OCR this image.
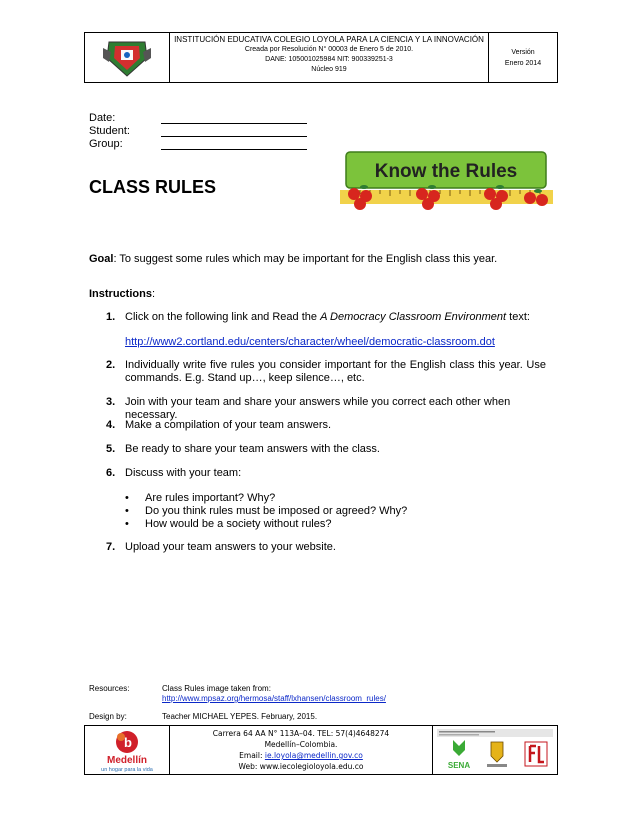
INSTITUCIÓN EDUCATIVA COLEGIO LOYOLA PARA LA CIENCIA Y LA INNOVACIÓN
Creada por Resolución N° 00003 de Enero 5 de 2010.
DANE: 105001025984 NIT: 900339251-3
Núcleo 919
Versión
Enero 2014
Date:
Student:
Group:
Know the Rules
CLASS RULES
Goal: To suggest some rules which may be important for the English class this year.
Instructions:
1. Click on the following link and Read the A Democracy Classroom Environment text:
http://www2.cortland.edu/centers/character/wheel/democratic-classroom.dot
2. Individually write five rules you consider important for the English class this year. Use commands. E.g. Stand up…, keep silence…, etc.
3. Join with your team and share your answers while you correct each other when necessary.
4. Make a compilation of your team answers.
5. Be ready to share your team answers with the class.
6. Discuss with your team:
• Are rules important? Why?
• Do you think rules must be imposed or agreed? Why?
• How would be a society without rules?
7. Upload your team answers to your website.
Resources:	Class Rules image taken from:
http://www.mpsaz.org/hermosa/staff/lxhansen/classroom_rules/
Design by:	Teacher MICHAEL YEPES. February, 2015.
b
Medellín
un hogar para la vida
Carrera 64 AA N° 113A–04. TEL: 57(4)4648274
Medellín–Colombia.
Email: ie.loyola@medellin.gov.co
Web: www.iecolegioloyola.edu.co	SENA
